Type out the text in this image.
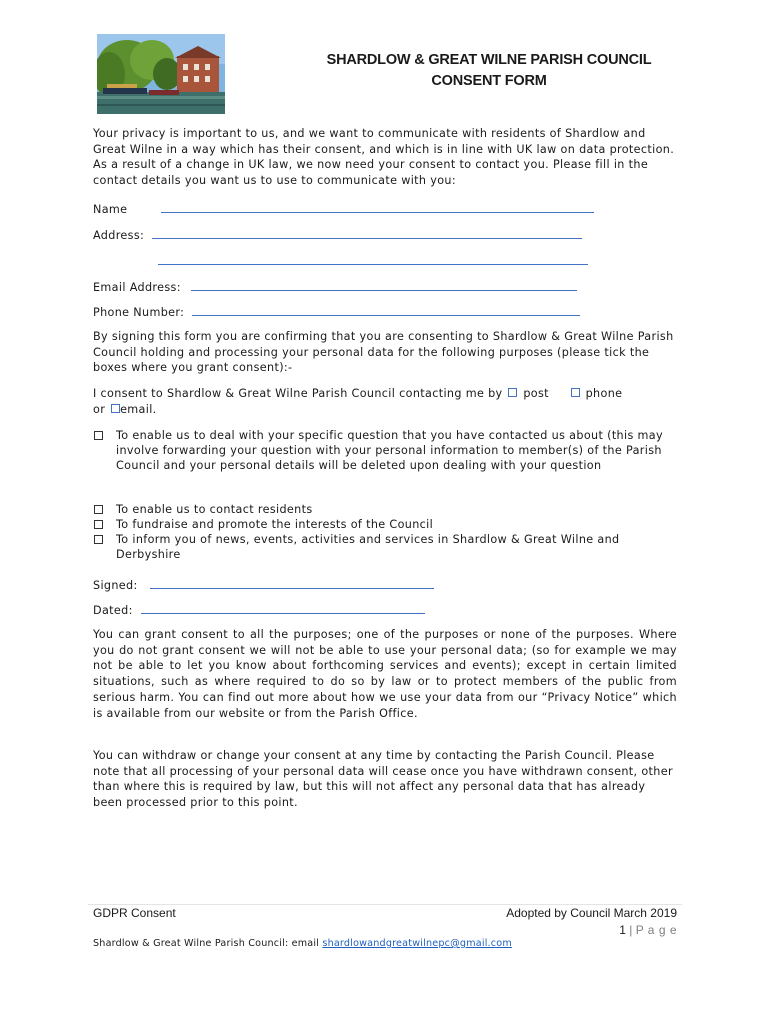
SHARDLOW & GREAT WILNE PARISH COUNCIL
CONSENT FORM
Your privacy is important to us, and we want to communicate with residents of Shardlow and Great Wilne in a way which has their consent, and which is in line with UK law on data protection. As a result of a change in UK law, we now need your consent to contact you. Please fill in the contact details you want us to use to communicate with you:
Name
Address:
Email Address:
Phone Number:
By signing this form you are confirming that you are consenting to Shardlow & Great Wilne Parish Council holding and processing your personal data for the following purposes (please tick the boxes where you grant consent):-
I consent to Shardlow & Great Wilne Parish Council contacting me by post	phone
or email.
To enable us to deal with your specific question that you have contacted us about (this may involve forwarding your question with your personal information to member(s) of the Parish Council and your personal details will be deleted upon dealing with your question
To enable us to contact residents
To fundraise and promote the interests of the Council
To inform you of news, events, activities and services in Shardlow & Great Wilne and Derbyshire
Signed:
Dated:
You can grant consent to all the purposes; one of the purposes or none of the purposes. Where you do not grant consent we will not be able to use your personal data; (so for example we may not be able to let you know about forthcoming services and events); except in certain limited situations, such as where required to do so by law or to protect members of the public from serious harm. You can find out more about how we use your data from our “Privacy Notice” which is available from our website or from the Parish Office.
You can withdraw or change your consent at any time by contacting the Parish Council. Please note that all processing of your personal data will cease once you have withdrawn consent, other than where this is required by law, but this will not affect any personal data that has already been processed prior to this point.
GDPR Consent	Adopted by Council March 2019
1 | P a g e
Shardlow & Great Wilne Parish Council: email shardlowandgreatwilnepc@gmail.com
